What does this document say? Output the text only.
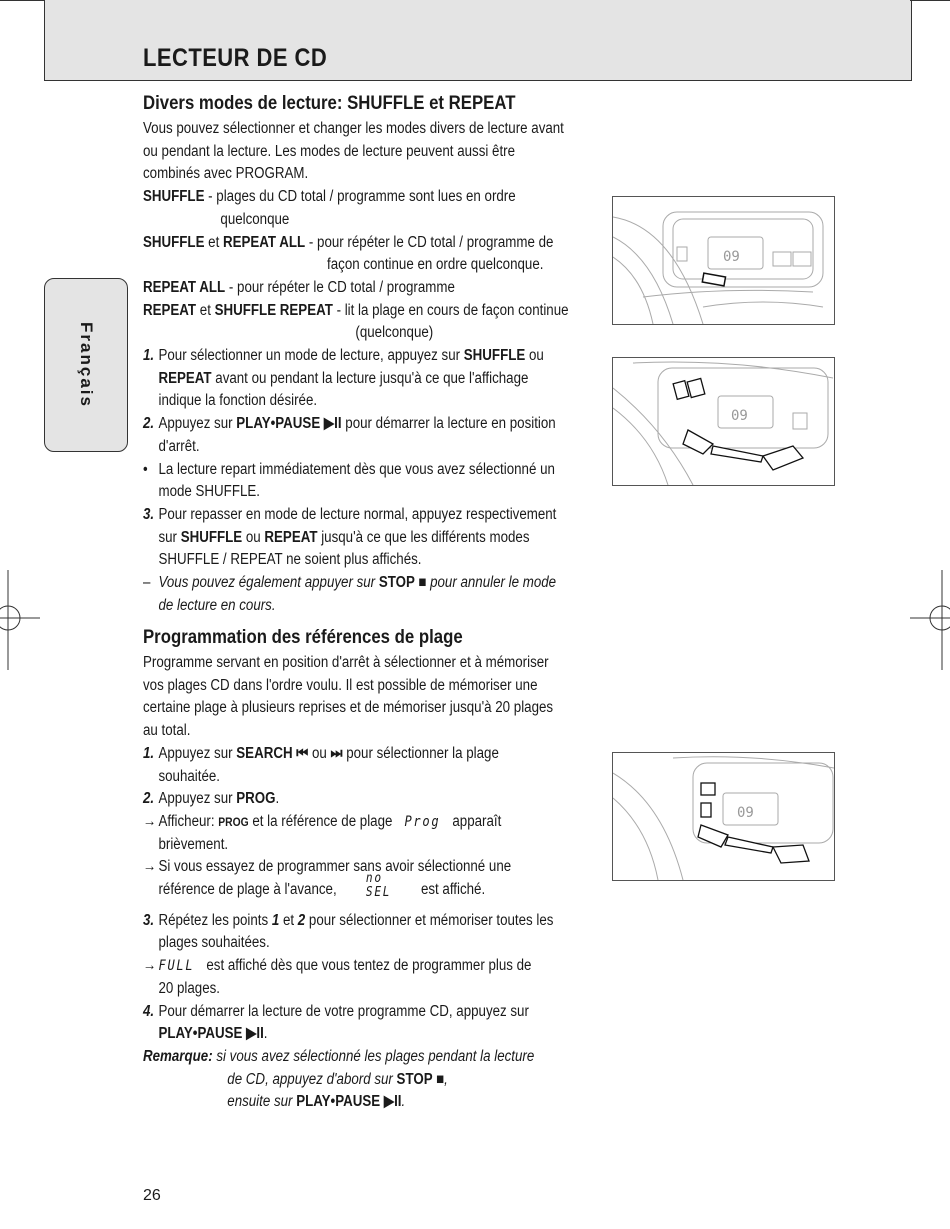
LECTEUR DE CD
Français
Divers modes de lecture: SHUFFLE et REPEAT
Vous pouvez sélectionner et changer les modes divers de lecture avant
ou pendant la lecture. Les modes de lecture peuvent aussi être
combinés avec PROGRAM.
SHUFFLE - plages du CD total / programme sont lues en ordre
quelconque
SHUFFLE et REPEAT ALL - pour répéter le CD total / programme de
façon continue en ordre quelconque.
REPEAT ALL - pour répéter le CD total / programme
REPEAT et SHUFFLE REPEAT - lit la plage en cours de façon continue
(quelconque)
1. Pour sélectionner un mode de lecture, appuyez sur SHUFFLE ou
REPEAT avant ou pendant la lecture jusqu'à ce que l'affichage
indique la fonction désirée.
2. Appuyez sur PLAY•PAUSE ▶II pour démarrer la lecture en position
d'arrêt.
• La lecture repart immédiatement dès que vous avez sélectionné un
mode SHUFFLE.
3. Pour repasser en mode de lecture normal, appuyez respectivement
sur SHUFFLE ou REPEAT jusqu'à ce que les différents modes
SHUFFLE / REPEAT ne soient plus affichés.
– Vous pouvez également appuyer sur STOP ■ pour annuler le mode
de lecture en cours.
Programmation des références de plage
Programme servant en position d'arrêt à sélectionner et à mémoriser
vos plages CD dans l'ordre voulu. Il est possible de mémoriser une
certaine plage à plusieurs reprises et de mémoriser jusqu'à 20 plages
au total.
1. Appuyez sur SEARCH ⏮ ou ⏭ pour sélectionner la plage
souhaitée.
2. Appuyez sur PROG.
→ Afficheur: PROG et la référence de plage Prog apparaît
brièvement.
→ Si vous essayez de programmer sans avoir sélectionné une
référence de plage à l'avance,
no
SEL est affiché.
3. Répétez les points 1 et 2 pour sélectionner et mémoriser toutes les
plages souhaitées.
→ FULL est affiché dès que vous tentez de programmer plus de
20 plages.
4. Pour démarrer la lecture de votre programme CD, appuyez sur
PLAY•PAUSE ▶II.
Remarque: si vous avez sélectionné les plages pendant la lecture
de CD, appuyez d'abord sur STOP ■,
ensuite sur PLAY•PAUSE ▶II.
09
09
09
26
